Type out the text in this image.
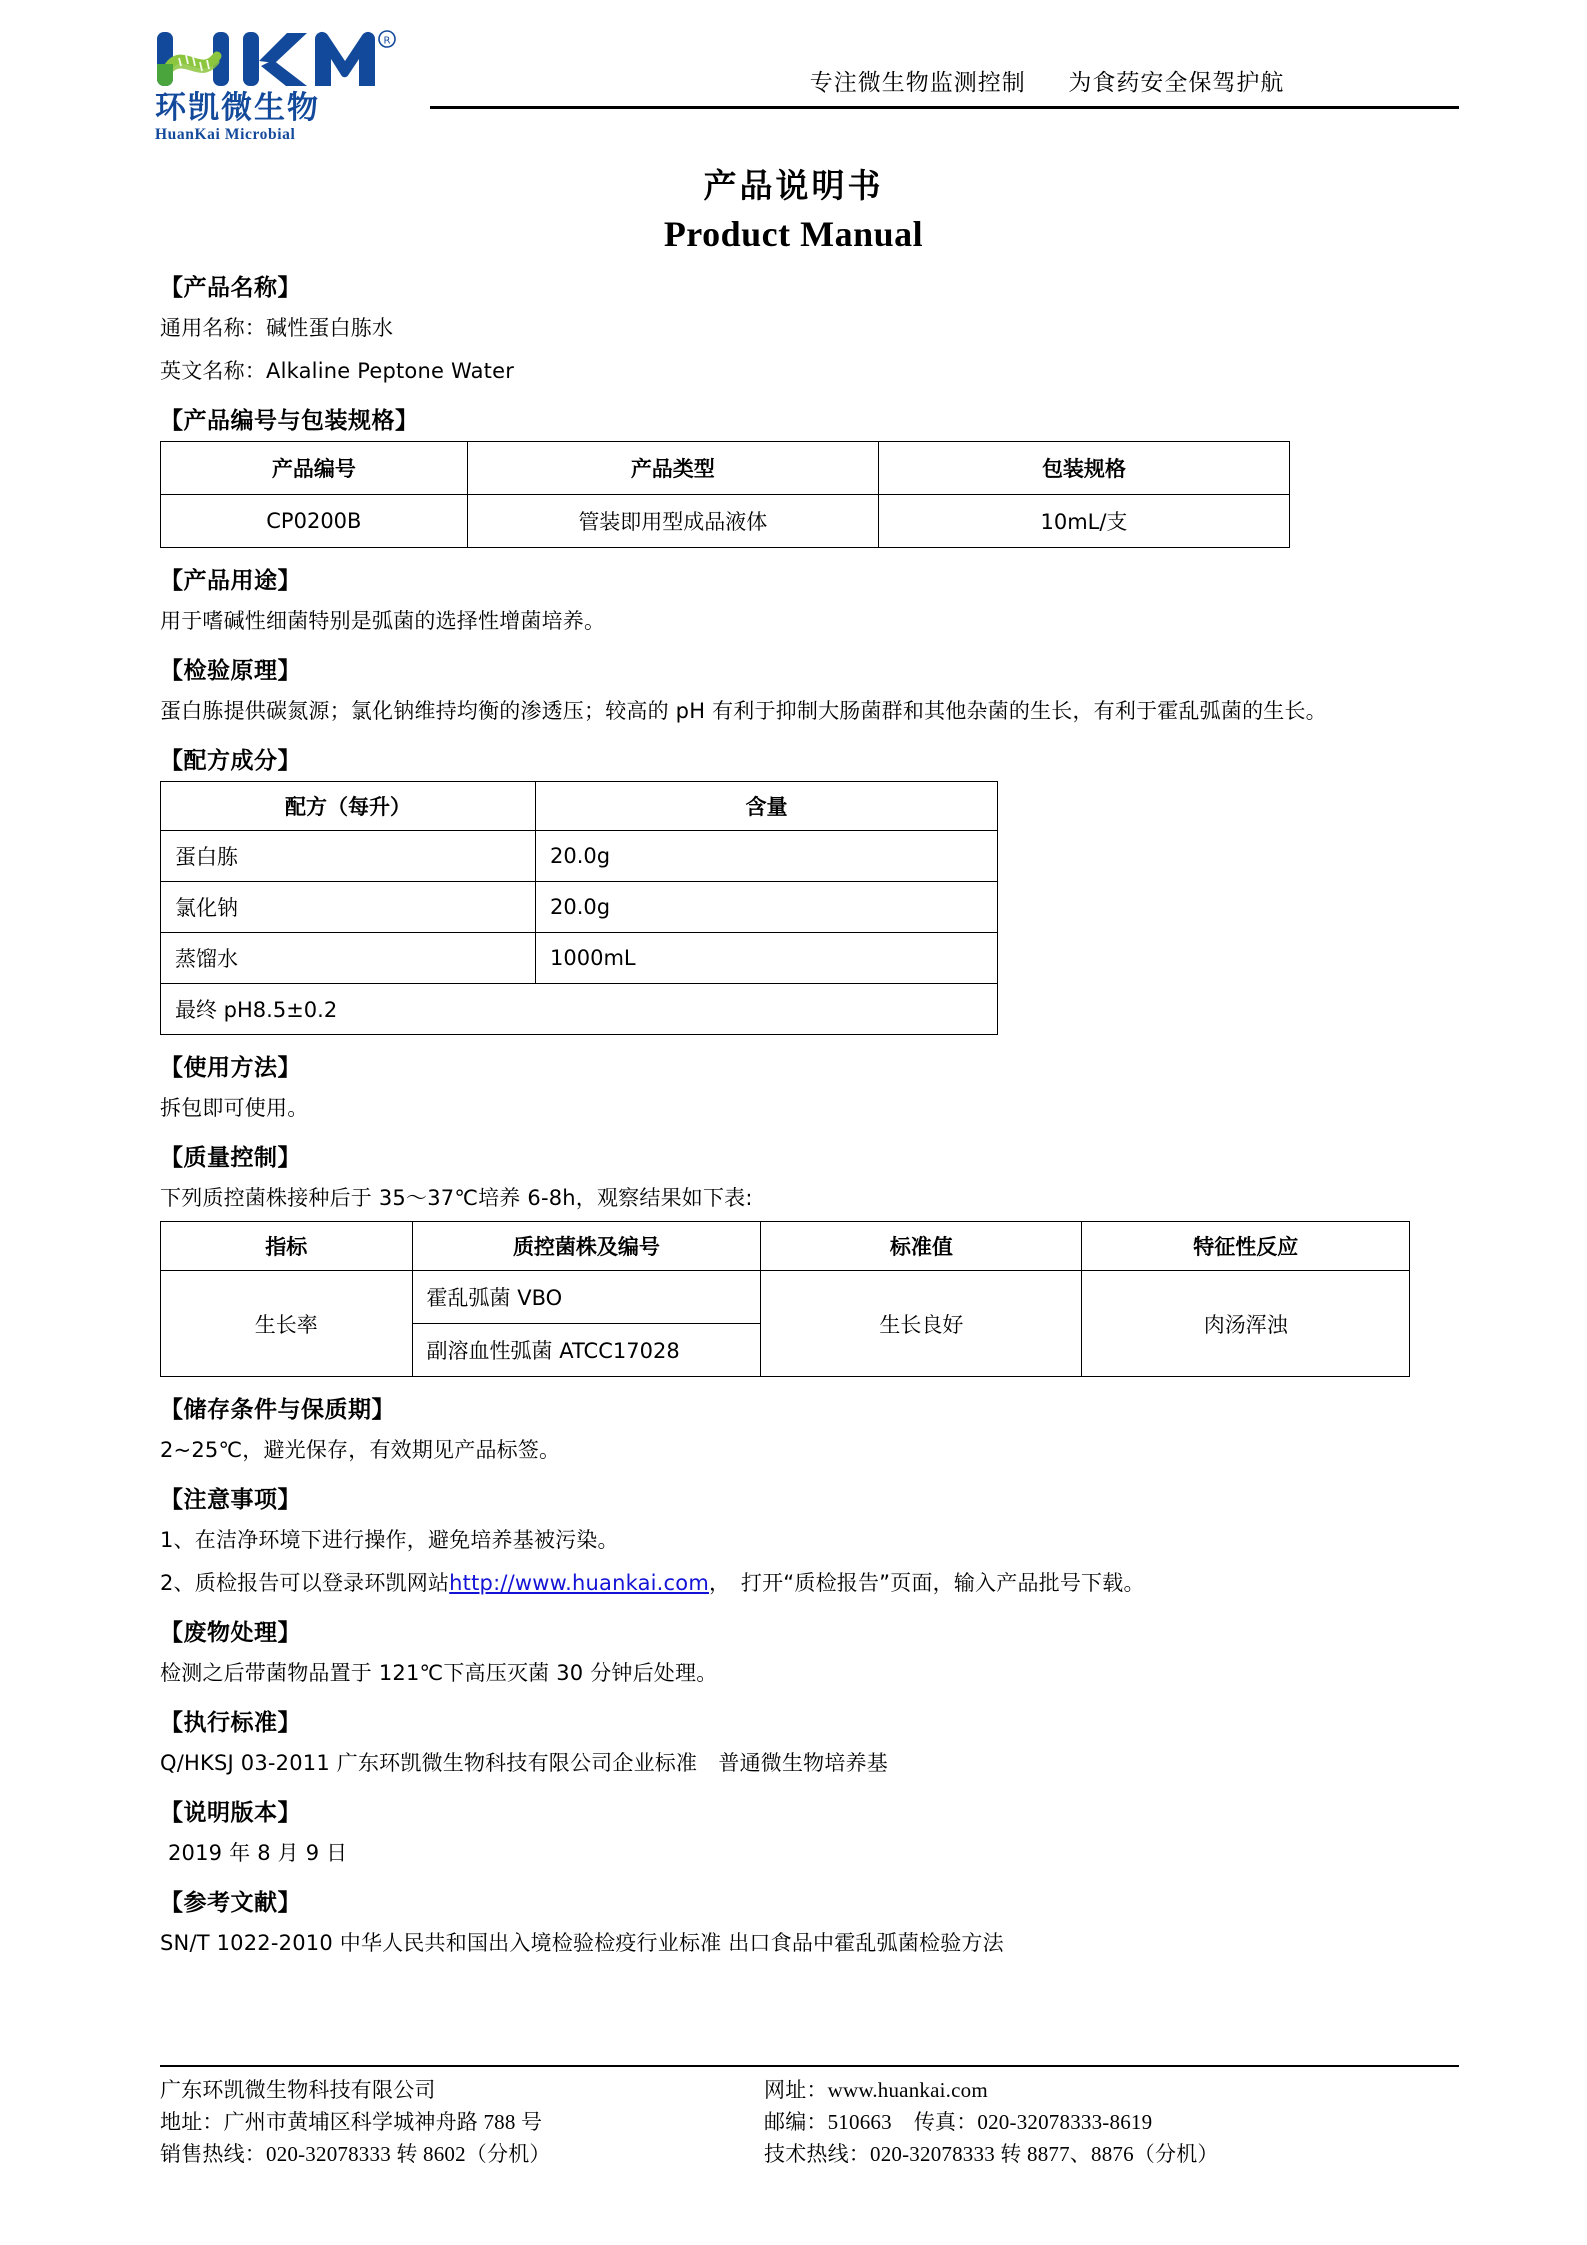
R
环凯微生物
HuanKai Microbial
专注微生物监测控制 为食药安全保驾护航
产品说明书
Product Manual
【产品名称】
通用名称：碱性蛋白胨水
英文名称：Alkaline Peptone Water
【产品编号与包装规格】
产品编号	产品类型	包装规格
CP0200B	管装即用型成品液体	10mL/支
【产品用途】
用于嗜碱性细菌特别是弧菌的选择性增菌培养。
【检验原理】
蛋白胨提供碳氮源；氯化钠维持均衡的渗透压；较高的 pH 有利于抑制大肠菌群和其他杂菌的生长，有利于霍乱弧菌的生长。
【配方成分】
配方（每升）	含量
蛋白胨	20.0g
氯化钠	20.0g
蒸馏水	1000mL
最终 pH8.5±0.2	
【使用方法】
拆包即可使用。
【质量控制】
下列质控菌株接种后于 35～37℃培养 6-8h，观察结果如下表:
指标	质控菌株及编号	标准值	特征性反应
生长率	霍乱弧菌 VBO	生长良好	肉汤浑浊
	副溶血性弧菌 ATCC17028		
【储存条件与保质期】
2~25℃，避光保存，有效期见产品标签。
【注意事项】
1、在洁净环境下进行操作，避免培养基被污染。
2、质检报告可以登录环凯网站http://www.huankai.com，　打开“质检报告”页面，输入产品批号下载。
【废物处理】
检测之后带菌物品置于 121℃下高压灭菌 30 分钟后处理。
【执行标准】
Q/HKSJ 03-2011 广东环凯微生物科技有限公司企业标准　普通微生物培养基
【说明版本】
2019 年 8 月 9 日
【参考文献】
SN/T 1022-2010 中华人民共和国出入境检验检疫行业标准 出口食品中霍乱弧菌检验方法
广东环凯微生物科技有限公司
地址：广州市黄埔区科学城神舟路 788 号
销售热线：020-32078333 转 8602（分机）
网址：www.huankai.com
邮编：510663 传真：020-32078333-8619
技术热线：020-32078333 转 8877、8876（分机）
